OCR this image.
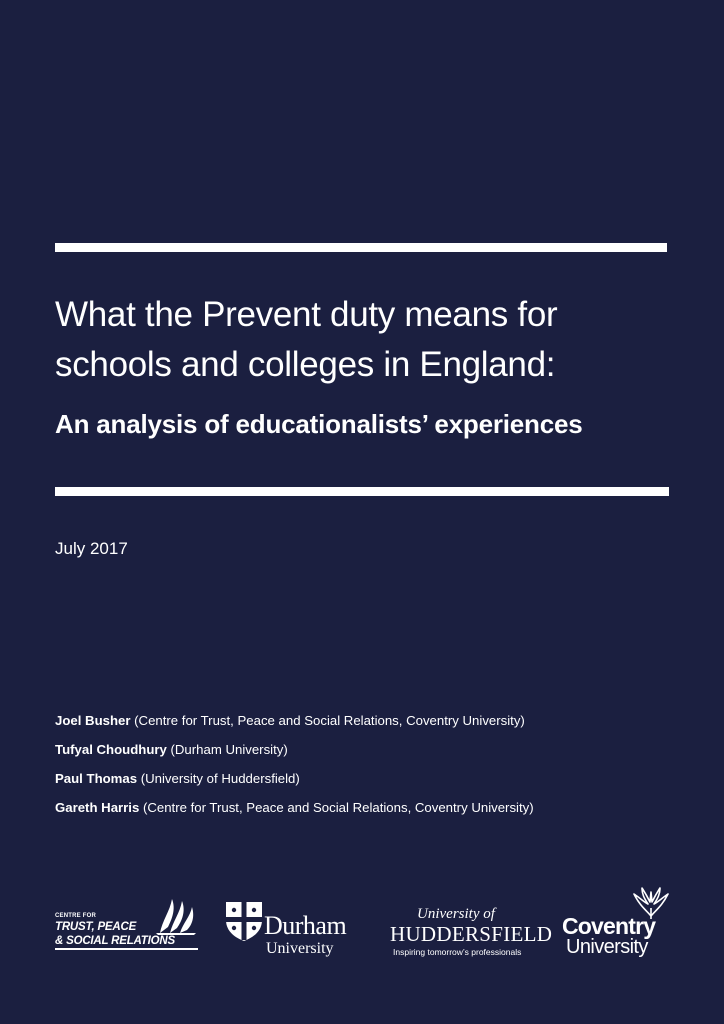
What the Prevent duty means for
schools and colleges in England:
An analysis of educationalists’ experiences
July 2017
Joel Busher (Centre for Trust, Peace and Social Relations, Coventry University)
Tufyal Choudhury (Durham University)
Paul Thomas (University of Huddersfield)
Gareth Harris (Centre for Trust, Peace and Social Relations, Coventry University)
CENTRE FOR
TRUST, PEACE
& SOCIAL RELATIONS
Durham
University
University of
HUDDERSFIELD
Inspiring tomorrow’s professionals
Coventry
University
